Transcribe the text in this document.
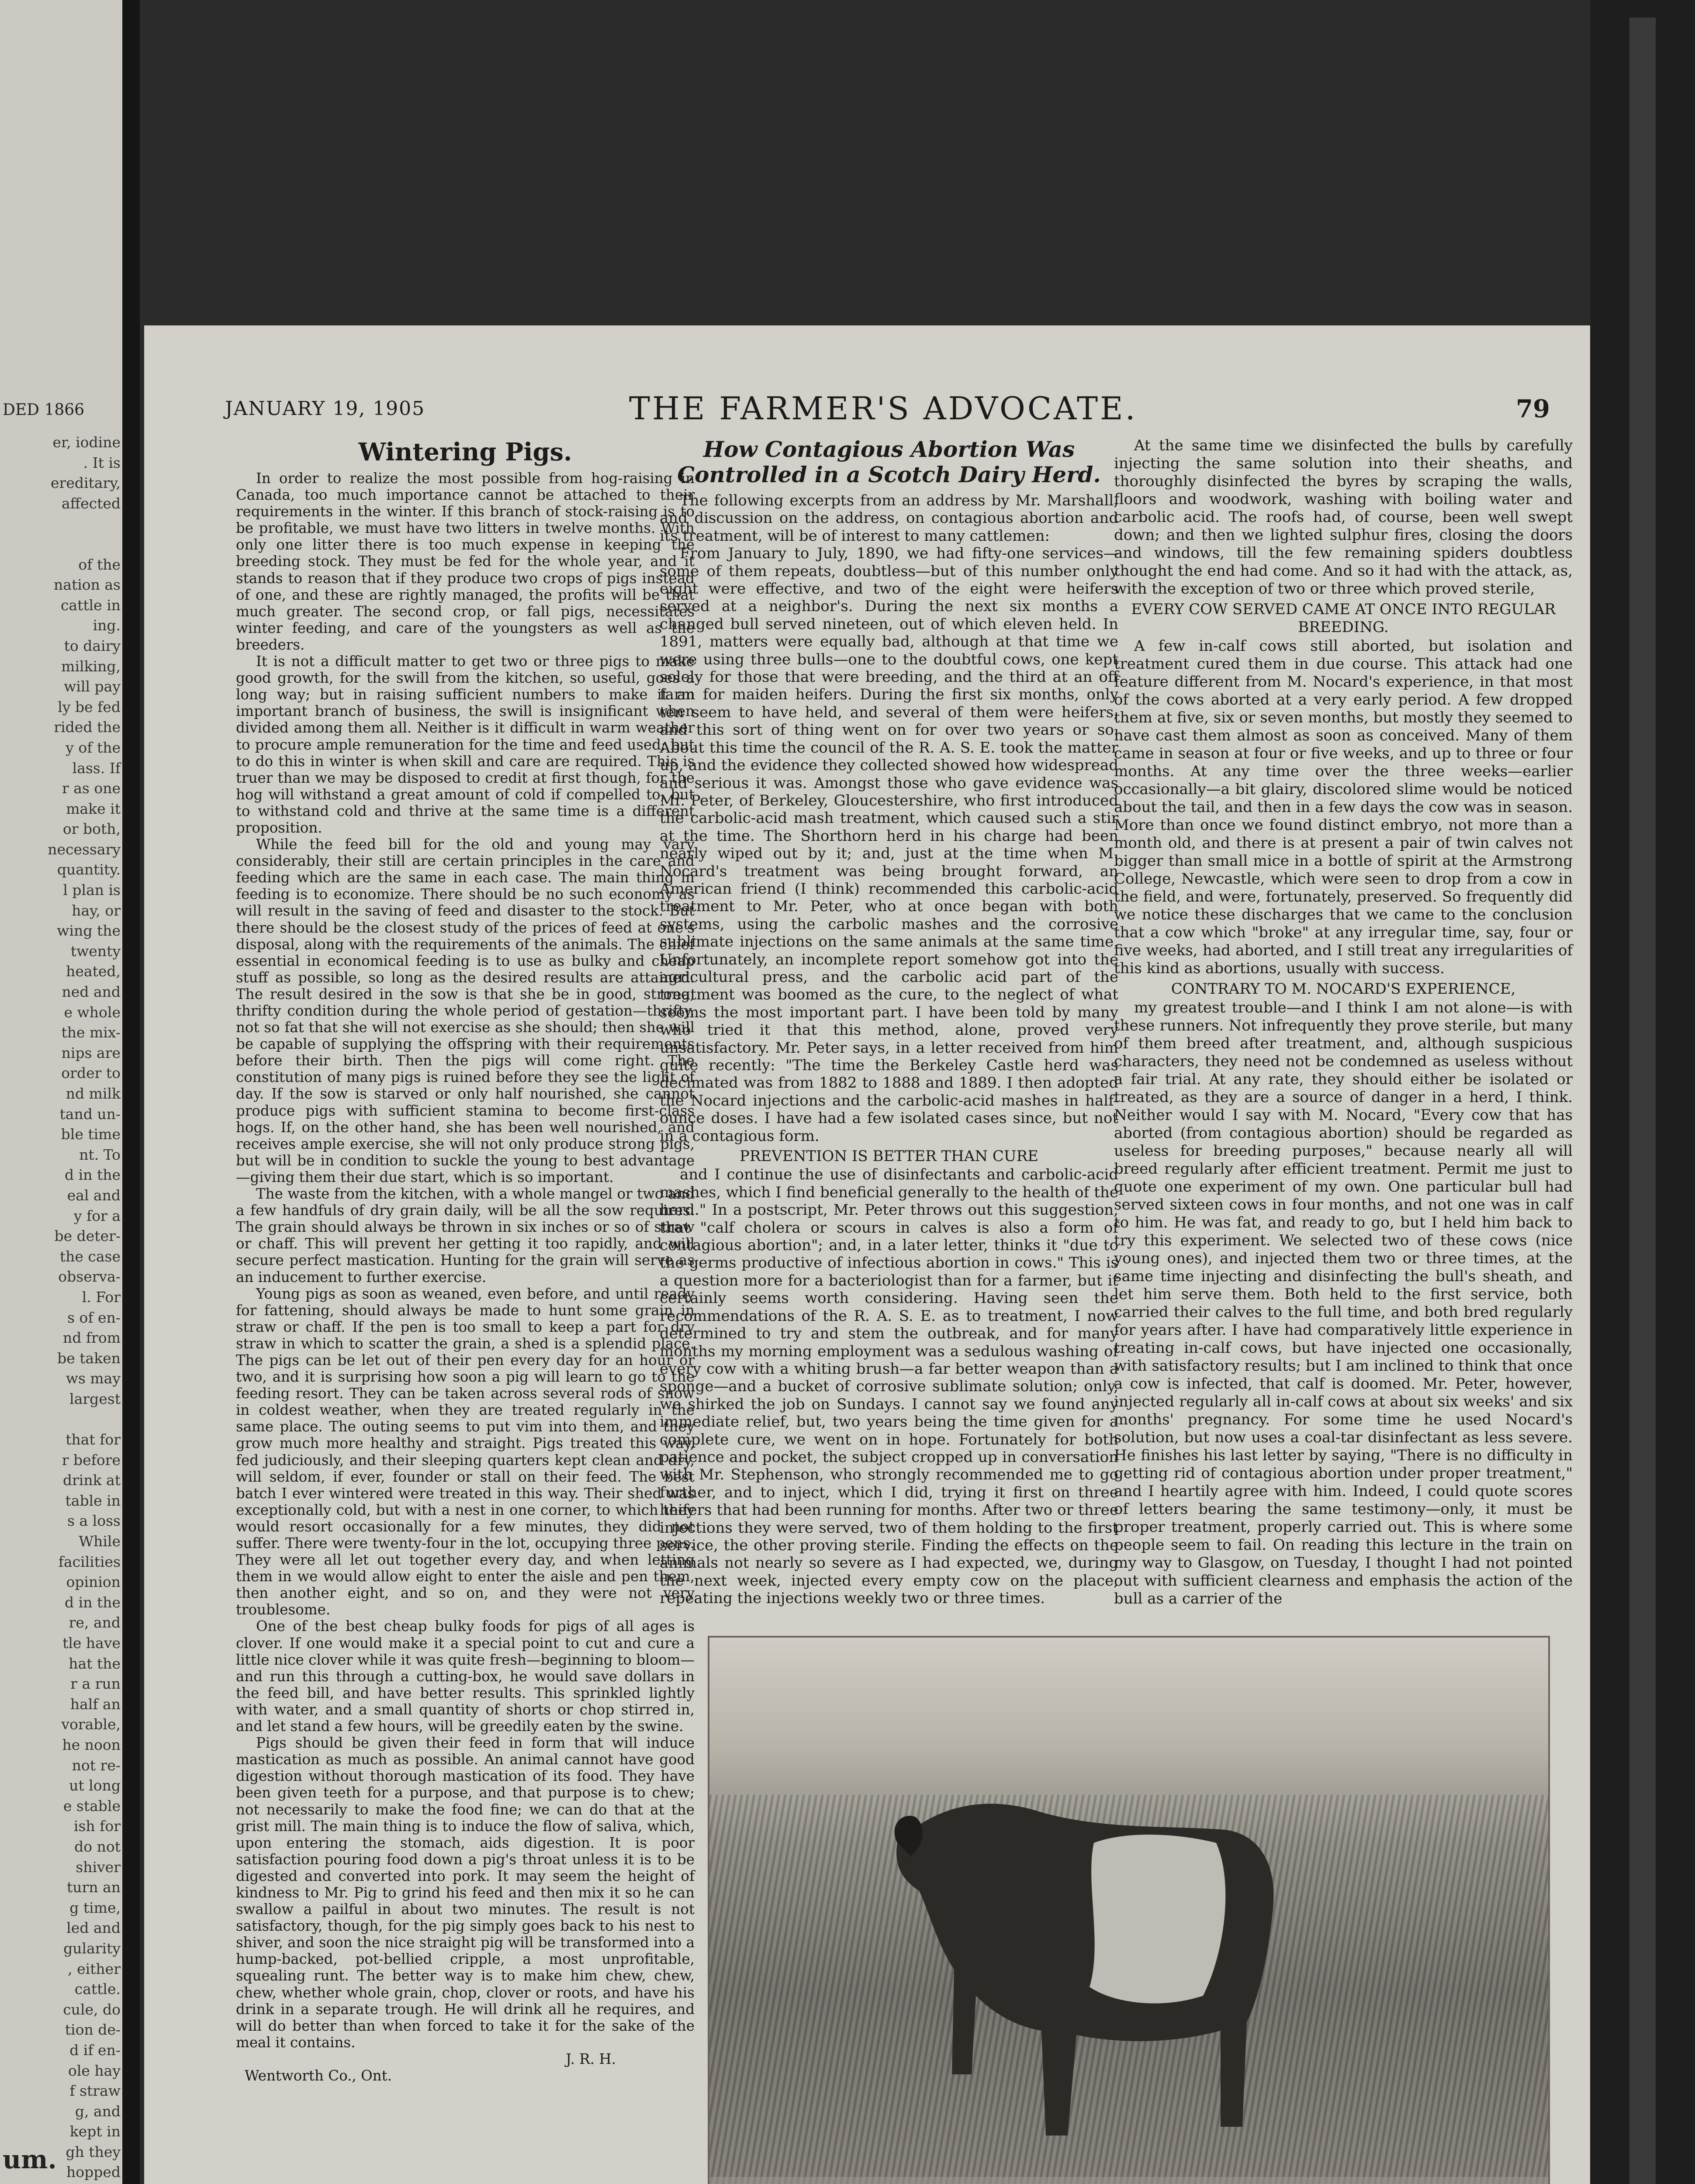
DED 1866
er, iodine
. It is
ereditary,
affected

of the
nation as
cattle in
ing.
to dairy
milking,
will pay
ly be fed
rided the
y of the
lass. If
r as one
make it
or both,
necessary
quantity.
l plan is
hay, or
wing the
twenty
heated,
ned and
e whole
the mix-
nips are
order to
nd milk
tand un-
ble time
nt. To
d in the
eal and
y for a
be deter-
the case
observa-
l. For
s of en-
nd from
be taken
ws may
largest

that for
r before
drink at
table in
s a loss
While
facilities
opinion
d in the
re, and
tle have
hat the
r a run
half an
vorable,
he noon
not re-
ut long
e stable
ish for
do not
shiver
turn an
g time,
led and
gularity
, either
cattle.
cule, do
tion de-
d if en-
ole hay
f straw
g, and
kept in
gh they
hopped

um.
JANUARY 19, 1905	THE FARMER'S ADVOCATE.	79

Wintering Pigs.

In order to realize the most possible from hog-raising in Canada, too much importance cannot be attached to their requirements in the winter. If this branch of stock-raising is to be profitable, we must have two litters in twelve months. With only one litter there is too much expense in keeping the breeding stock. They must be fed for the whole year, and it stands to reason that if they produce two crops of pigs instead of one, and these are rightly managed, the profits will be that much greater. The second crop, or fall pigs, necessitates winter feeding, and care of the youngsters as well as the breeders.

It is not a difficult matter to get two or three pigs to make good growth, for the swill from the kitchen, so useful, goes a long way; but in raising sufficient numbers to make it an important branch of business, the swill is insignificant when divided among them all. Neither is it difficult in warm weather to procure ample remuneration for the time and feed used; but to do this in winter is when skill and care are required. This is truer than we may be disposed to credit at first though, for the hog will withstand a great amount of cold if compelled to, but to withstand cold and thrive at the same time is a different proposition.

While the feed bill for the old and young may vary considerably, their still are certain principles in the care and feeding which are the same in each case. The main thing in feeding is to economize. There should be no such economy as will result in the saving of feed and disaster to the stock. But there should be the closest study of the prices of feed at one's disposal, along with the requirements of the animals. The chief essential in economical feeding is to use as bulky and cheap stuff as possible, so long as the desired results are attained. The result desired in the sow is that she be in good, strong, thrifty condition during the whole period of gestation—thrifty, not so fat that she will not exercise as she should; then she will be capable of supplying the offspring with their requirements before their birth. Then the pigs will come right. The constitution of many pigs is ruined before they see the light of day. If the sow is starved or only half nourished, she cannot produce pigs with sufficient stamina to become first-class hogs. If, on the other hand, she has been well nourished, and receives ample exercise, she will not only produce strong pigs, but will be in condition to suckle the young to best advantage—giving them their due start, which is so important.

The waste from the kitchen, with a whole mangel or two and a few handfuls of dry grain daily, will be all the sow requires. The grain should always be thrown in six inches or so of straw or chaff. This will prevent her getting it too rapidly, and will secure perfect mastication. Hunting for the grain will serve as an inducement to further exercise.

Young pigs as soon as weaned, even before, and until ready for fattening, should always be made to hunt some grain in straw or chaff. If the pen is too small to keep a part for dry straw in which to scatter the grain, a shed is a splendid place. The pigs can be let out of their pen every day for an hour or two, and it is surprising how soon a pig will learn to go to the feeding resort. They can be taken across several rods of snow in coldest weather, when they are treated regularly in the same place. The outing seems to put vim into them, and they grow much more healthy and straight. Pigs treated this way, fed judiciously, and their sleeping quarters kept clean and dry, will seldom, if ever, founder or stall on their feed. The best batch I ever wintered were treated in this way. Their shed was exceptionally cold, but with a nest in one corner, to which they would resort occasionally for a few minutes, they did not suffer. There were twenty-four in the lot, occupying three pens. They were all let out together every day, and when letting them in we would allow eight to enter the aisle and pen them, then another eight, and so on, and they were not very troublesome.

One of the best cheap bulky foods for pigs of all ages is clover. If one would make it a special point to cut and cure a little nice clover while it was quite fresh—beginning to bloom—and run this through a cutting-box, he would save dollars in the feed bill, and have better results. This sprinkled lightly with water, and a small quantity of shorts or chop stirred in, and let stand a few hours, will be greedily eaten by the swine.

Pigs should be given their feed in form that will induce mastication as much as possible. An animal cannot have good digestion without thorough mastication of its food. They have been given teeth for a purpose, and that purpose is to chew; not necessarily to make the food fine; we can do that at the grist mill. The main thing is to induce the flow of saliva, which, upon entering the stomach, aids digestion. It is poor satisfaction pouring food down a pig's throat unless it is to be digested and converted into pork. It may seem the height of kindness to Mr. Pig to grind his feed and then mix it so he can swallow a pailful in about two minutes. The result is not satisfactory, though, for the pig simply goes back to his nest to shiver, and soon the nice straight pig will be transformed into a hump-backed, pot-bellied cripple, a most unprofitable, squealing runt. The better way is to make him chew, chew, chew, whether whole grain, chop, clover or roots, and have his drink in a separate trough. He will drink all he requires, and will do better than when forced to take it for the sake of the meal it contains.

J. R. H.

Wentworth Co., Ont.

How Contagious Abortion Was Controlled in a Scotch Dairy Herd.

The following excerpts from an address by Mr. Marshall, and discussion on the address, on contagious abortion and its treatment, will be of interest to many cattlemen:

From January to July, 1890, we had fifty-one services—some of them repeats, doubtless—but of this number only eight were effective, and two of the eight were heifers served at a neighbor's. During the next six months a changed bull served nineteen, out of which eleven held. In 1891, matters were equally bad, although at that time we were using three bulls—one to the doubtful cows, one kept solely for those that were breeding, and the third at an off farm for maiden heifers. During the first six months, only ten seem to have held, and several of them were heifers, and this sort of thing went on for over two years or so. About this time the council of the R. A. S. E. took the matter up, and the evidence they collected showed how widespread and serious it was. Amongst those who gave evidence was Mr. Peter, of Berkeley, Gloucestershire, who first introduced the carbolic-acid mash treatment, which caused such a stir at the time. The Shorthorn herd in his charge had been nearly wiped out by it; and, just at the time when M. Nocard's treatment was being brought forward, an American friend (I think) recommended this carbolic-acid treatment to Mr. Peter, who at once began with both systems, using the carbolic mashes and the corrosive sublimate injections on the same animals at the same time. Unfortunately, an incomplete report somehow got into the agricultural press, and the carbolic acid part of the treatment was boomed as the cure, to the neglect of what seems the most important part. I have been told by many who tried it that this method, alone, proved very unsatisfactory. Mr. Peter says, in a letter received from him quite recently: "The time the Berkeley Castle herd was decimated was from 1882 to 1888 and 1889. I then adopted the Nocard injections and the carbolic-acid mashes in half-ounce doses. I have had a few isolated cases since, but not in a contagious form.

PREVENTION IS BETTER THAN CURE

and I continue the use of disinfectants and carbolic-acid mashes, which I find beneficial generally to the health of the herd." In a postscript, Mr. Peter throws out this suggestion, that "calf cholera or scours in calves is also a form of contagious abortion"; and, in a later letter, thinks it "due to the germs productive of infectious abortion in cows." This is a question more for a bacteriologist than for a farmer, but it certainly seems worth considering. Having seen the recommendations of the R. A. S. E. as to treatment, I now determined to try and stem the outbreak, and for many months my morning employment was a sedulous washing of every cow with a whiting brush—a far better weapon than a sponge—and a bucket of corrosive sublimate solution; only, we shirked the job on Sundays. I cannot say we found any immediate relief, but, two years being the time given for a complete cure, we went on in hope. Fortunately for both patience and pocket, the subject cropped up in conversation with Mr. Stephenson, who strongly recommended me to go further, and to inject, which I did, trying it first on three heifers that had been running for months. After two or three injections they were served, two of them holding to the first service, the other proving sterile. Finding the effects on the animals not nearly so severe as I had expected, we, during the next week, injected every empty cow on the place, repeating the injections weekly two or three times.

At the same time we disinfected the bulls by carefully injecting the same solution into their sheaths, and thoroughly disinfected the byres by scraping the walls, floors and woodwork, washing with boiling water and carbolic acid. The roofs had, of course, been well swept down; and then we lighted sulphur fires, closing the doors and windows, till the few remaining spiders doubtless thought the end had come. And so it had with the attack, as, with the exception of two or three which proved sterile,

EVERY COW SERVED CAME AT ONCE INTO REGULAR BREEDING.

A few in-calf cows still aborted, but isolation and treatment cured them in due course. This attack had one feature different from M. Nocard's experience, in that most of the cows aborted at a very early period. A few dropped them at five, six or seven months, but mostly they seemed to have cast them almost as soon as conceived. Many of them came in season at four or five weeks, and up to three or four months. At any time over the three weeks—earlier occasionally—a bit glairy, discolored slime would be noticed about the tail, and then in a few days the cow was in season. More than once we found distinct embryo, not more than a month old, and there is at present a pair of twin calves not bigger than small mice in a bottle of spirit at the Armstrong College, Newcastle, which were seen to drop from a cow in the field, and were, fortunately, preserved. So frequently did we notice these discharges that we came to the conclusion that a cow which "broke" at any irregular time, say, four or five weeks, had aborted, and I still treat any irregularities of this kind as abortions, usually with success.

CONTRARY TO M. NOCARD'S EXPERIENCE,

my greatest trouble—and I think I am not alone—is with these runners. Not infrequently they prove sterile, but many of them breed after treatment, and, although suspicious characters, they need not be condemned as useless without a fair trial. At any rate, they should either be isolated or treated, as they are a source of danger in a herd, I think. Neither would I say with M. Nocard, "Every cow that has aborted (from contagious abortion) should be regarded as useless for breeding purposes," because nearly all will breed regularly after efficient treatment. Permit me just to quote one experiment of my own. One particular bull had served sixteen cows in four months, and not one was in calf to him. He was fat, and ready to go, but I held him back to try this experiment. We selected two of these cows (nice young ones), and injected them two or three times, at the same time injecting and disinfecting the bull's sheath, and let him serve them. Both held to the first service, both carried their calves to the full time, and both bred regularly for years after. I have had comparatively little experience in treating in-calf cows, but have injected one occasionally, with satisfactory results; but I am inclined to think that once a cow is infected, that calf is doomed. Mr. Peter, however, injected regularly all in-calf cows at about six weeks' and six months' pregnancy. For some time he used Nocard's solution, but now uses a coal-tar disinfectant as less severe. He finishes his last letter by saying, "There is no difficulty in getting rid of contagious abortion under proper treatment," and I heartily agree with him. Indeed, I could quote scores of letters bearing the same testimony—only, it must be proper treatment, properly carried out. This is where some people seem to fail. On reading this lecture in the train on my way to Glasgow, on Tuesday, I thought I had not pointed out with sufficient clearness and emphasis the action of the bull as a carrier of the
